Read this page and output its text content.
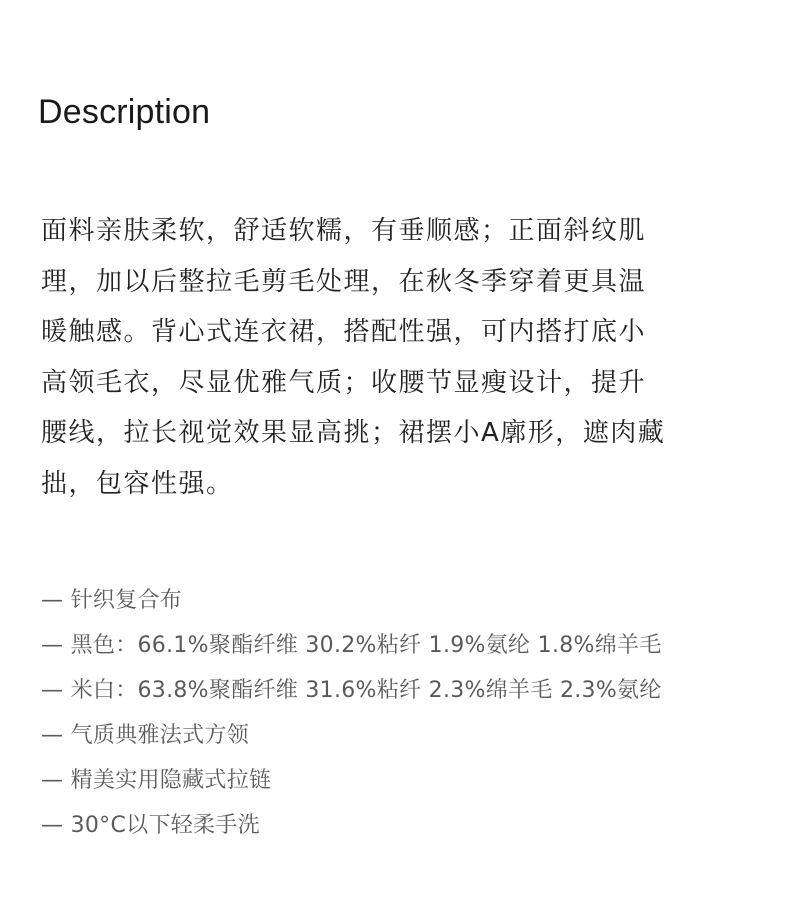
Description
面料亲肤柔软，舒适软糯，有垂顺感；正面斜纹肌
理，加以后整拉毛剪毛处理，在秋冬季穿着更具温
暖触感。背心式连衣裙，搭配性强，可内搭打底小
高领毛衣，尽显优雅气质；收腰节显瘦设计，提升
腰线，拉长视觉效果显高挑；裙摆小A廓形，遮肉藏
拙，包容性强。
— 针织复合布
— 黑色：66.1%聚酯纤维 30.2%粘纤 1.9%氨纶 1.8%绵羊毛
— 米白：63.8%聚酯纤维 31.6%粘纤 2.3%绵羊毛 2.3%氨纶
— 气质典雅法式方领
— 精美实用隐藏式拉链
— 30°C以下轻柔手洗
